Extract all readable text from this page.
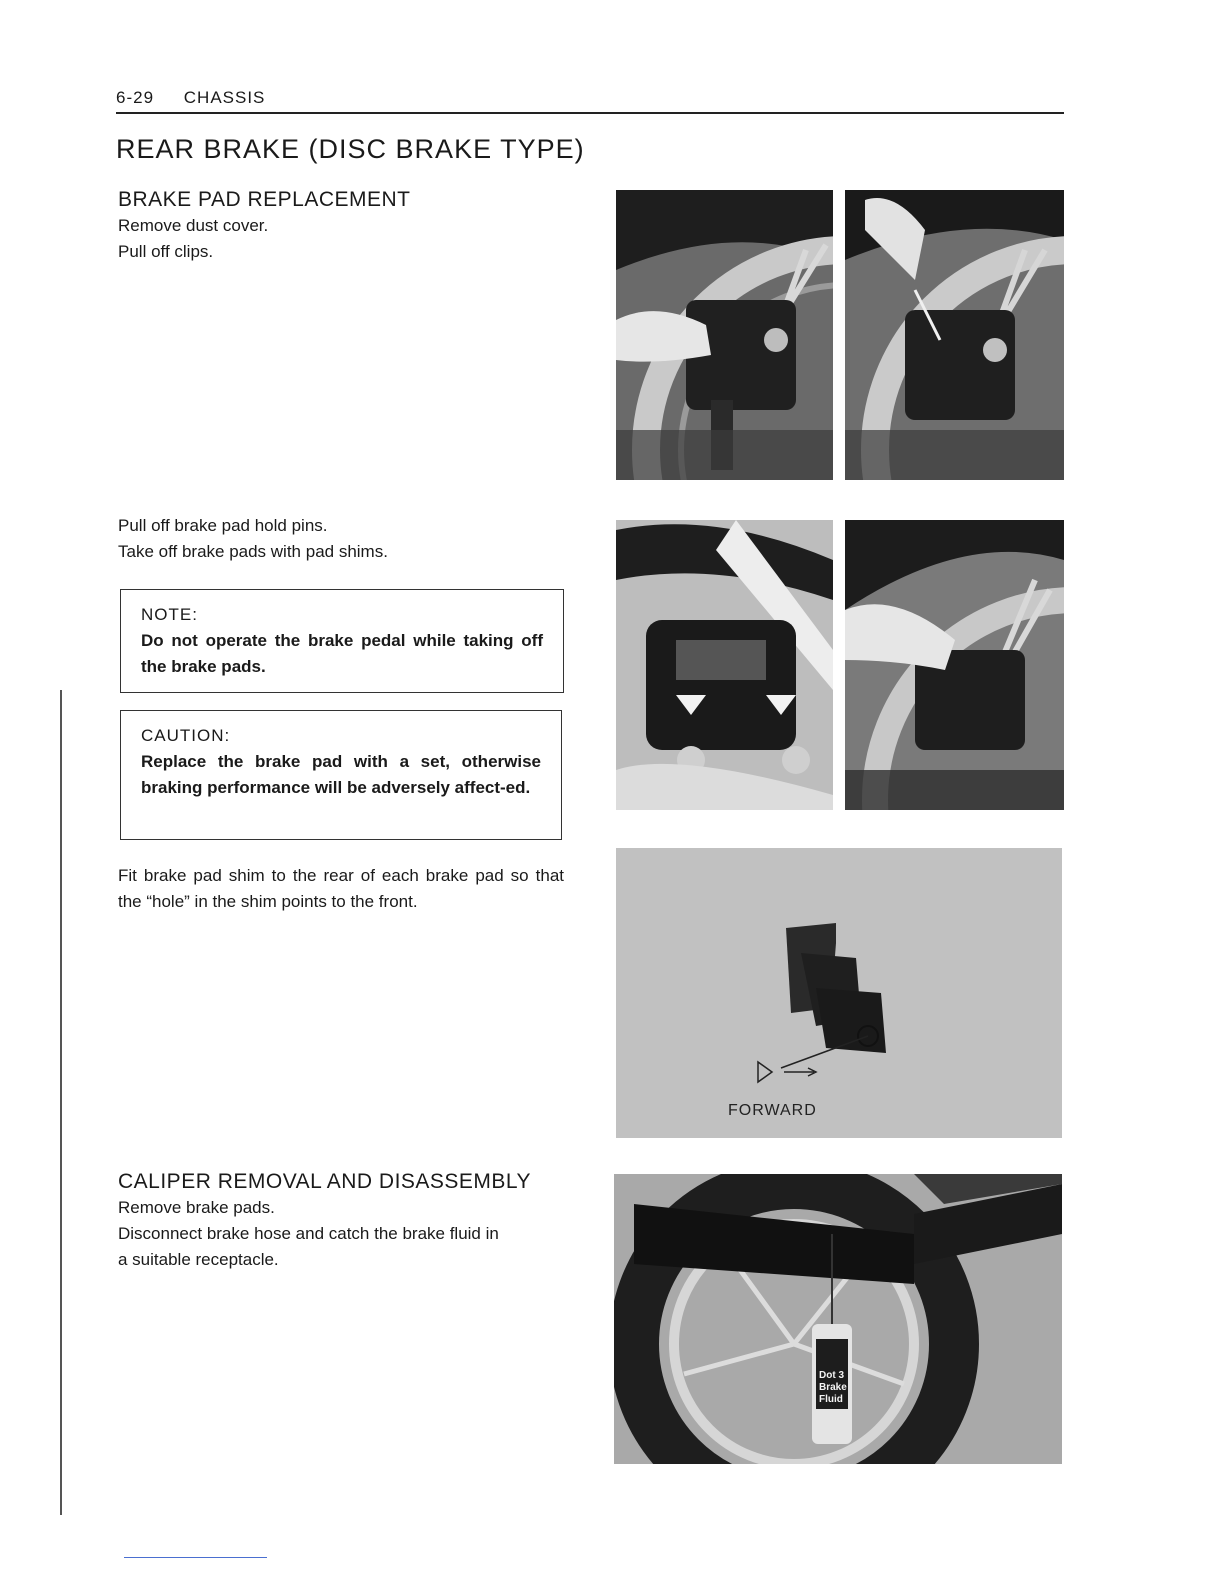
6-29 CHASSIS
REAR BRAKE (DISC BRAKE TYPE)
BRAKE PAD REPLACEMENT

Remove dust cover.

Pull off clips.

Pull off brake pad hold pins.

Take off brake pads with pad shims.

NOTE:
Do not operate the brake pedal while taking off the brake pads.
CAUTION:
Replace the brake pad with a set, otherwise braking performance will be adversely affect-ed.

Fit brake pad shim to the rear of each brake pad so that the “hole” in the shim points to the front.

CALIPER REMOVAL AND DISASSEMBLY

Remove brake pads.

Disconnect brake hose and catch the brake fluid in

a suitable receptacle.

FORWARD
Dot 3
Brake
Fluid
